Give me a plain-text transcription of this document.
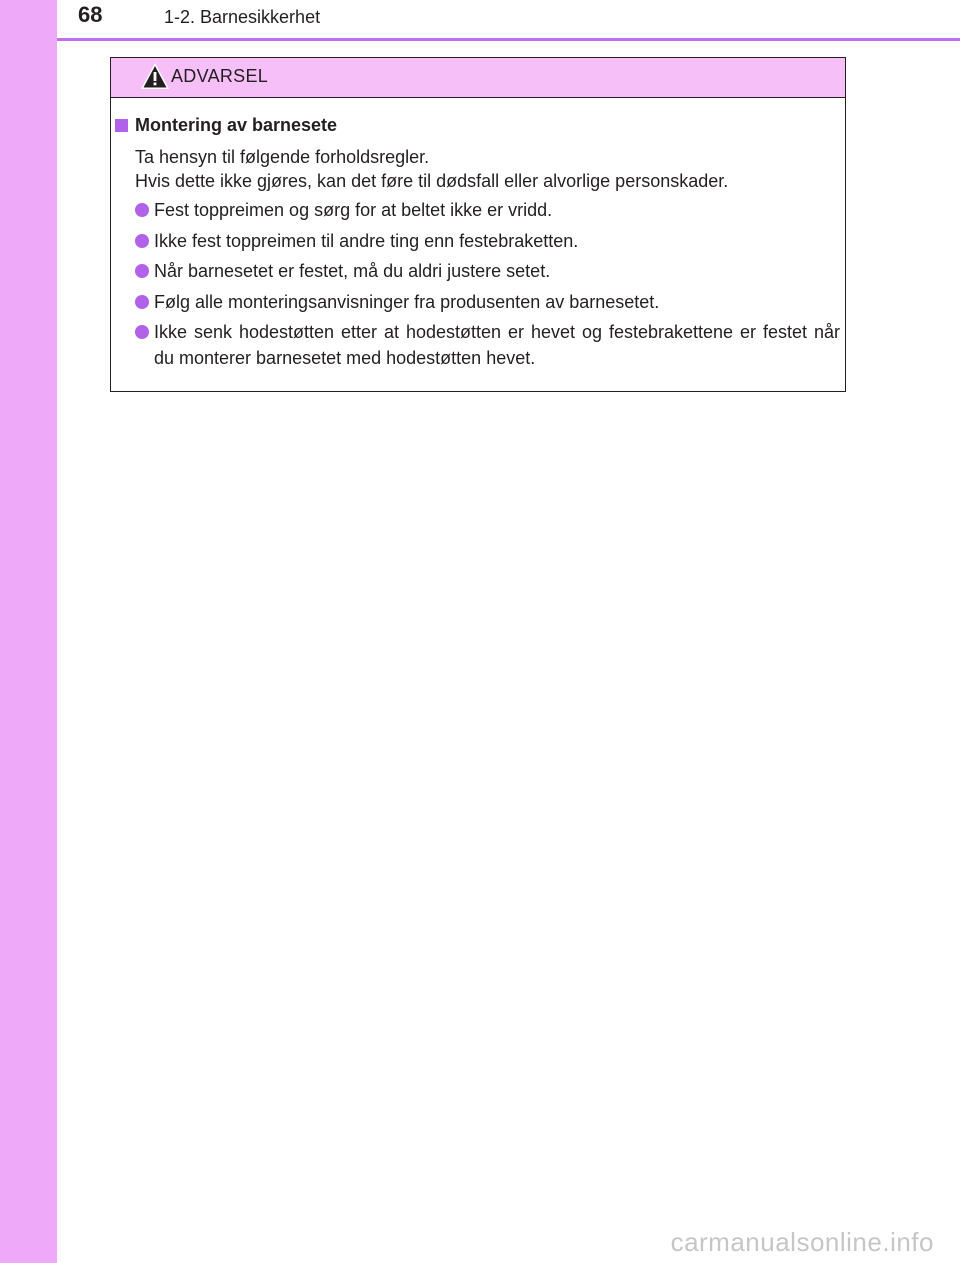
68	1-2. Barnesikkerhet
ADVARSEL
Montering av barnesete
Ta hensyn til følgende forholdsregler.
Hvis dette ikke gjøres, kan det føre til dødsfall eller alvorlige personskader.
Fest toppreimen og sørg for at beltet ikke er vridd.
Ikke fest toppreimen til andre ting enn festebraketten.
Når barnesetet er festet, må du aldri justere setet.
Følg alle monteringsanvisninger fra produsenten av barnesetet.
Ikke senk hodestøtten etter at hodestøtten er hevet og festebrakettene er festet når du monterer barnesetet med hodestøtten hevet.
carmanualsonline.info
